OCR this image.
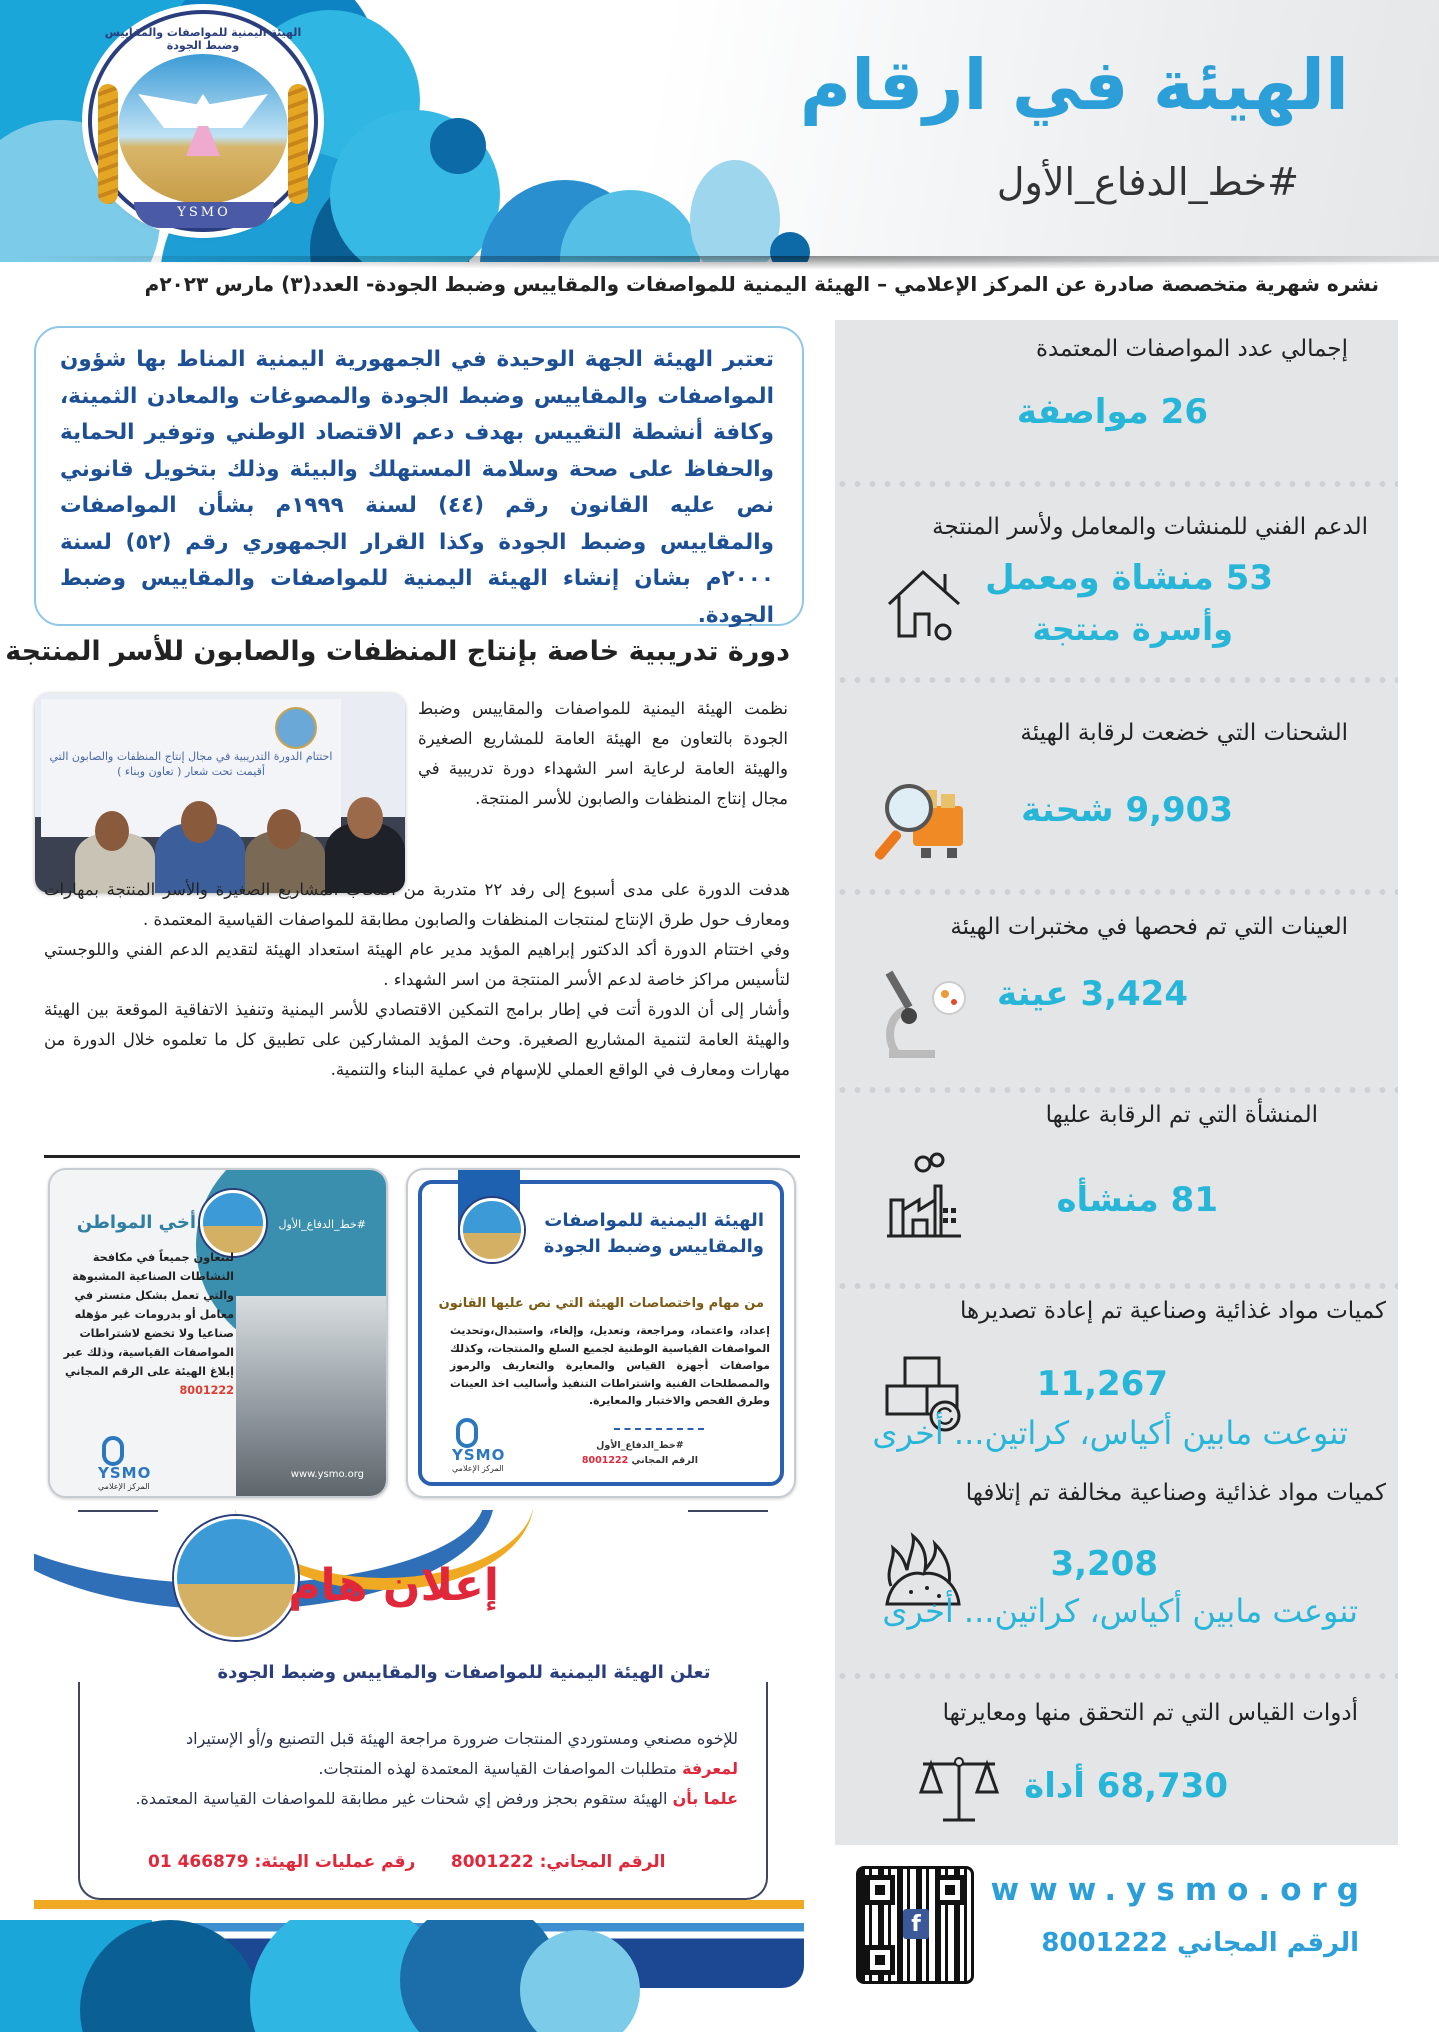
الهيئة اليمنية للمواصفات والمقاييس وضبط الجودة
YSMO
الهيئة في ارقام
#خط_الدفاع_الأول
نشره شهرية متخصصة صادرة عن المركز الإعلامي – الهيئة اليمنية للمواصفات والمقاييس وضبط الجودة- العدد(٣) مارس ٢٠٢٣م
تعتبر الهيئة الجهة الوحيدة في الجمهورية اليمنية المناط بها شؤون المواصفات والمقاييس وضبط الجودة والمصوغات والمعادن الثمينة، وكافة أنشطة التقييس بهدف دعم الاقتصاد الوطني وتوفير الحماية والحفاظ على صحة وسلامة المستهلك والبيئة وذلك بتخويل قانوني نص عليه القانون رقم (٤٤) لسنة ١٩٩٩م بشأن المواصفات والمقاييس وضبط الجودة وكذا القرار الجمهوري رقم (٥٢) لسنة ٢٠٠٠م بشان إنشاء الهيئة اليمنية للمواصفات والمقاييس وضبط الجودة.
دورة تدريبية خاصة بإنتاج المنظفات والصابون للأسر المنتجة
احتتام الدورة التدريبية في مجال إنتاج المنظفات والصابون التي أقيمت تحت شعار ( تعاون وبناء )
نظمت الهيئة اليمنية للمواصفات والمقاييس وضبط الجودة بالتعاون مع الهيئة العامة للمشاريع الصغيرة والهيئة العامة لرعاية اسر الشهداء دورة تدريبية في مجال إنتاج المنظفات والصابون للأسر المنتجة.

هدفت الدورة على مدى أسبوع إلى رفد ٢٢ متدربة من أصحاب المشاريع الصغيرة والأسر المنتجة بمهارات ومعارف حول طرق الإنتاج لمنتجات المنظفات والصابون مطابقة للمواصفات القياسية المعتمدة .

وفي اختتام الدورة أكد الدكتور إبراهيم المؤيد مدير عام الهيئة استعداد الهيئة لتقديم الدعم الفني واللوجستي لتأسيس مراكز خاصة لدعم الأسر المنتجة من اسر الشهداء .

وأشار إلى أن الدورة أتت في إطار برامج التمكين الاقتصادي للأسر اليمنية وتنفيذ الاتفاقية الموقعة بين الهيئة والهيئة العامة لتنمية المشاريع الصغيرة. وحث المؤيد المشاركين على تطبيق كل ما تعلموه خلال الدورة من مهارات ومعارف في الواقع العملي للإسهام في عملية البناء والتنمية.

#خط_الدفاع_الأول
أخي المواطن
لنتعاون جميعاً في مكافحة النشاطات الصناعية المشبوهة والتي تعمل بشكل متستر في معامل أو بدرومات غير مؤهله صناعيا ولا تخضع لاشتراطات المواصفات القياسية، وذلك عبر إبلاغ الهيئة على الرقم المجاني 8001222
YSMO
المركز الإعلامي
www.ysmo.org
الهيئة اليمنية للمواصفات
والمقاييس وضبط الجودة
من مهام واختصاصات الهيئة التي نص عليها القانون
إعداد، واعتماد، ومراجعة، وتعديل، وإلغاء، واستبدال،وتحديث المواصفات القياسية الوطنية لجميع السلع والمنتجات، وكذلك مواصفات أجهزة القياس والمعايرة والتعاريف والرموز والمصطلحات الفنية واشتراطات التنفيذ وأساليب اخذ العينات وطرق الفحص والاختبار والمعايرة.
YSMO
المركز الإعلامي
#خط_الدفاع_الأول
الرقم المجاني 8001222
إعلان هام
تعلن الهيئة اليمنية للمواصفات والمقاييس وضبط الجودة
للإخوه مصنعي ومستوردي المنتجات ضرورة مراجعة الهيئة قبل التصنيع و/أو الإستيراد
لمعرفة متطلبات المواصفات القياسية المعتمدة لهذه المنتجات.
علما بأن الهيئة ستقوم بحجز ورفض إي شحنات غير مطابقة للمواصفات القياسية المعتمدة.
الرقم المجاني: 8001222      رقم عمليات الهيئة: 01 466879
إجمالي عدد المواصفات المعتمدة
26 مواصفة
الدعم الفني للمنشات والمعامل ولأسر المنتجة
53 منشاة ومعمل
وأسرة منتجة
الشحنات التي خضعت لرقابة الهيئة
9,903 شحنة
العينات التي تم فحصها في مختبرات الهيئة
3,424 عينة
المنشأة التي تم الرقابة عليها
81 منشأه
كميات مواد غذائية وصناعية تم إعادة تصديرها
11,267
تنوعت مابين أكياس، كراتين... أخرى
كميات مواد غذائية وصناعية مخالفة تم إتلافها
3,208
تنوعت مابين أكياس، كراتين... أخرى
أدوات القياس التي تم التحقق منها ومعايرتها
68,730 أداة
f
www.ysmo.org
الرقم المجاني 8001222
